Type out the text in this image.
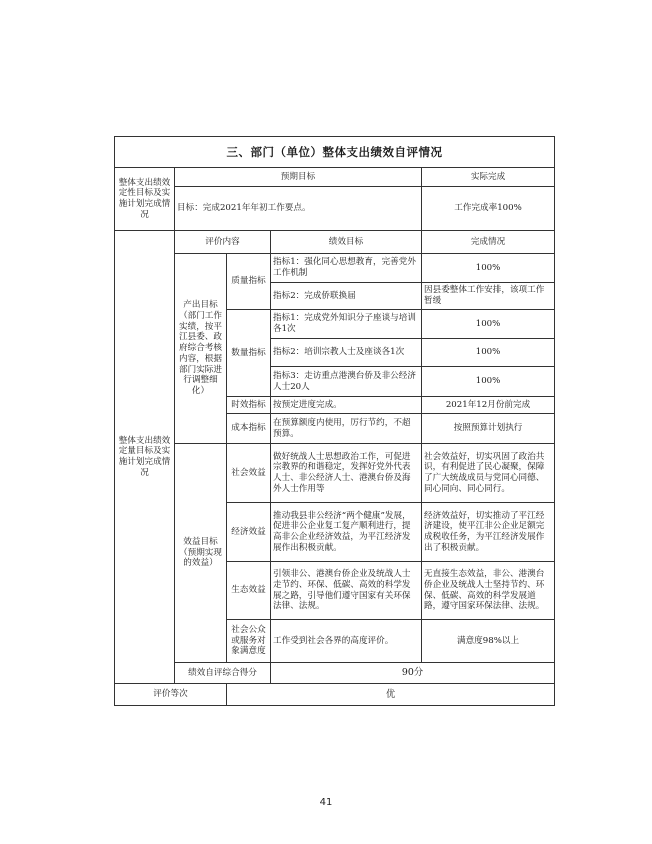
三、部门（单位）整体支出绩效自评情况				
整体支出绩效定性目标及实施计划完成情况	预期目标			实际完成
	目标：完成2021年年初工作要点。			工作完成率100%
整体支出绩效定量目标及实施计划完成情况	评价内容		绩效目标	完成情况
	产出目标（部门工作实绩，按平江县委、政府综合考核内容，根据部门实际进行调整细化）	质量指标	指标1：强化同心思想教育，完善党外工作机制	100%
			指标2：完成侨联换届	因县委整体工作安排，该项工作暂缓
		数量指标	指标1：完成党外知识分子座谈与培训各1次	100%
			指标2：培训宗教人士及座谈各1次	100%
			指标3：走访重点港澳台侨及非公经济人士20人	100%
		时效指标	按预定进度完成。	2021年12月份前完成
		成本指标	在预算额度内使用，厉行节约，不超预算。	按照预算计划执行
	效益目标（预期实现的效益）	社会效益	做好统战人士思想政治工作，可促进宗教界的和谐稳定，发挥好党外代表人士、非公经济人士、港澳台侨及海外人士作用等	社会效益好，切实巩固了政治共识，有利促进了民心凝聚，保障了广大统战成员与党同心同德、同心同向、同心同行。
		经济效益	推动我县非公经济“两个健康”发展，促进非公企业复工复产顺利进行，提高非公企业经济效益，为平江经济发展作出积极贡献。	经济效益好，切实推动了平江经济建设，使平江非公企业足额完成税收任务，为平江经济发展作出了积极贡献。
		生态效益	引领非公、港澳台侨企业及统战人士走节约、环保、低碳、高效的科学发展之路，引导他们遵守国家有关环保法律、法规。	无直接生态效益，非公、港澳台侨企业及统战人士坚持节约、环保、低碳、高效的科学发展道路，遵守国家环保法律、法规。
		社会公众或服务对象满意度	工作受到社会各界的高度评价。	满意度98%以上
	绩效自评综合得分		90分	
评价等次		优		
41
